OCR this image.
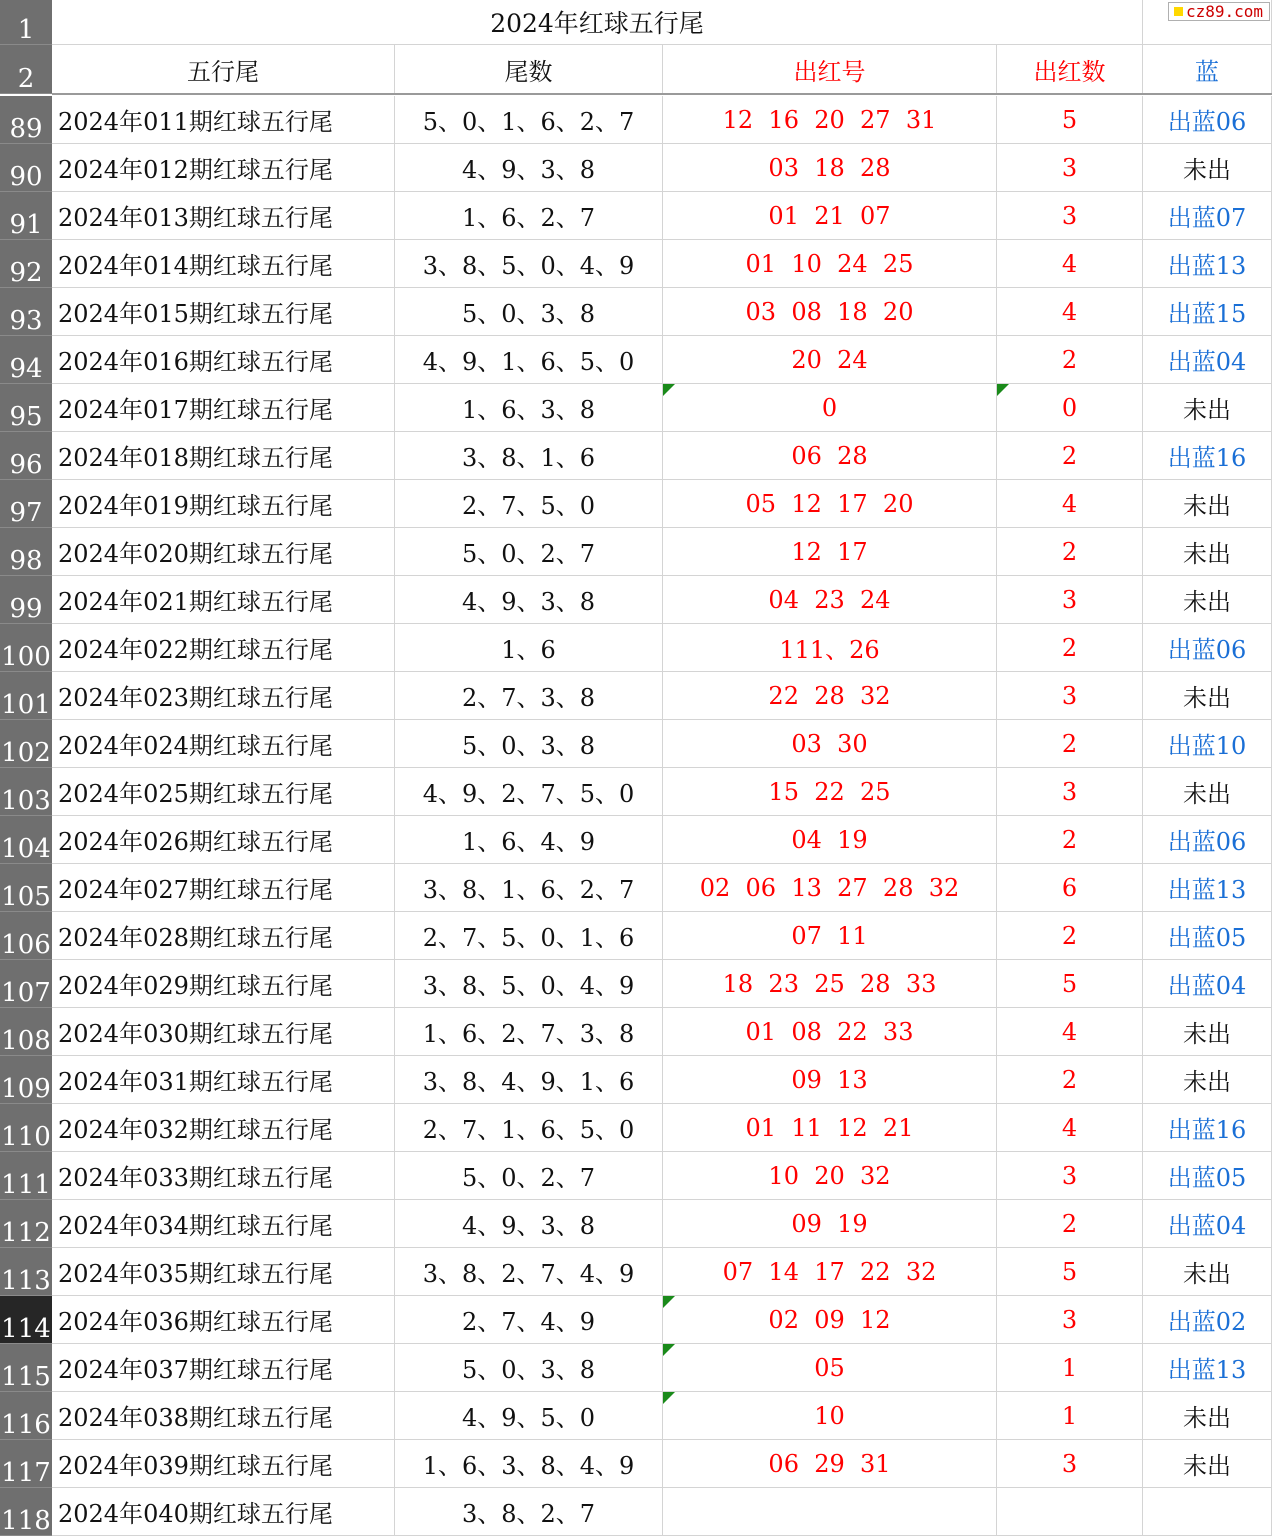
1	2024年红球五行尾	cz89.com
2	五行尾	尾数	出红号	出红数	蓝
89 2024年011期红球五行尾	5、0、1、6、2、7	12  16  20  27  31	5	出蓝06
90 2024年012期红球五行尾	4、9、3、8	03  18  28	3	未出
91 2024年013期红球五行尾	1、6、2、7	01  21  07	3	出蓝07
92 2024年014期红球五行尾	3、8、5、0、4、9	01  10  24  25	4	出蓝13
93 2024年015期红球五行尾	5、0、3、8	03  08  18  20	4	出蓝15
94 2024年016期红球五行尾	4、9、1、6、5、0	20  24	2	出蓝04
95 2024年017期红球五行尾	1、6、3、8	0	0	未出
96 2024年018期红球五行尾	3、8、1、6	06  28	2	出蓝16
97 2024年019期红球五行尾	2、7、5、0	05  12  17  20	4	未出
98 2024年020期红球五行尾	5、0、2、7	12  17	2	未出
99 2024年021期红球五行尾	4、9、3、8	04  23  24	3	未出
100 2024年022期红球五行尾	1、6	111、26	2	出蓝06
101 2024年023期红球五行尾	2、7、3、8	22  28  32	3	未出
102 2024年024期红球五行尾	5、0、3、8	03  30	2	出蓝10
103 2024年025期红球五行尾	4、9、2、7、5、0	15  22  25	3	未出
104 2024年026期红球五行尾	1、6、4、9	04  19	2	出蓝06
105 2024年027期红球五行尾	3、8、1、6、2、7	02  06  13  27  28  32	6	出蓝13
106 2024年028期红球五行尾	2、7、5、0、1、6	07  11	2	出蓝05
107 2024年029期红球五行尾	3、8、5、0、4、9	18  23  25  28  33	5	出蓝04
108 2024年030期红球五行尾	1、6、2、7、3、8	01  08  22  33	4	未出
109 2024年031期红球五行尾	3、8、4、9、1、6	09  13	2	未出
110 2024年032期红球五行尾	2、7、1、6、5、0	01  11  12  21	4	出蓝16
111 2024年033期红球五行尾	5、0、2、7	10  20  32	3	出蓝05
112 2024年034期红球五行尾	4、9、3、8	09  19	2	出蓝04
113 2024年035期红球五行尾	3、8、2、7、4、9	07  14  17  22  32	5	未出
114 2024年036期红球五行尾	2、7、4、9	02  09  12	3	出蓝02
115 2024年037期红球五行尾	5、0、3、8	05	1	出蓝13
116 2024年038期红球五行尾	4、9、5、0	10	1	未出
117 2024年039期红球五行尾	1、6、3、8、4、9	06  29  31	3	未出
118 2024年040期红球五行尾	3、8、2、7
